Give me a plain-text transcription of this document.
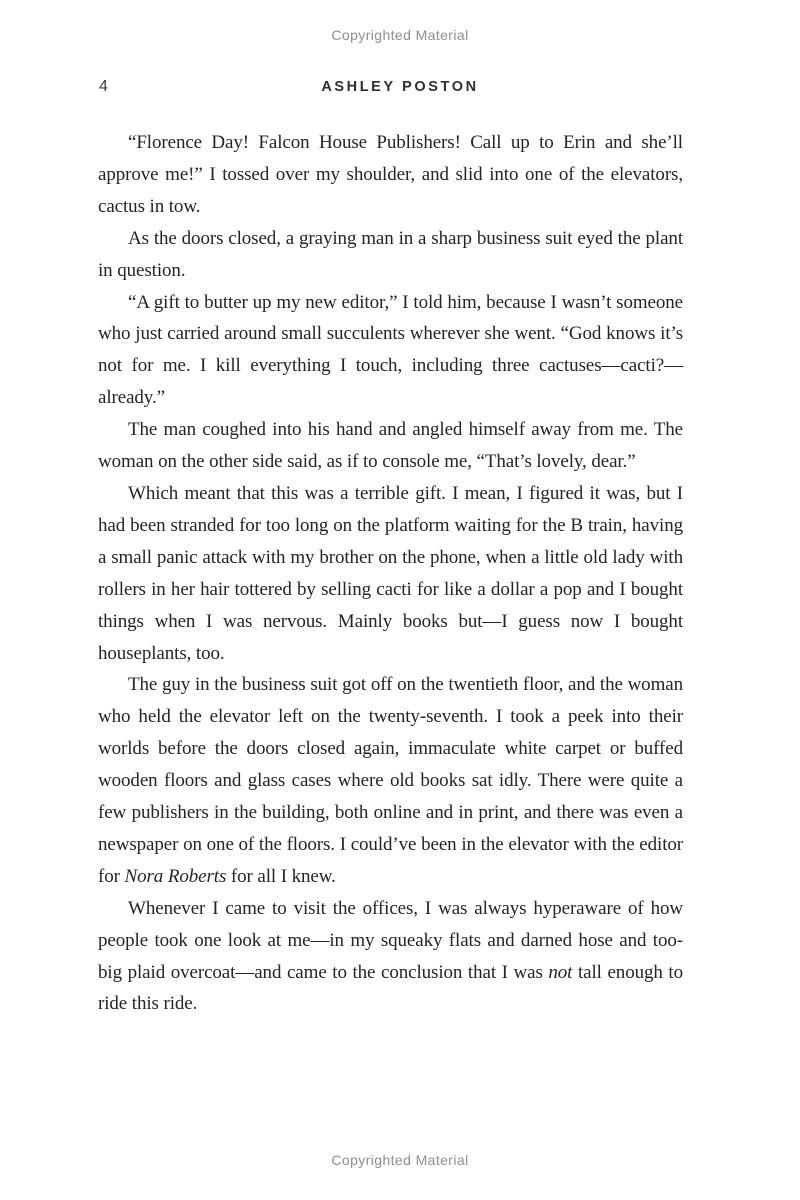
Copyrighted Material
4	ASHLEY POSTON

“Florence Day! Falcon House Publishers! Call up to Erin and she’ll approve me!” I tossed over my shoulder, and slid into one of the elevators, cactus in tow.

As the doors closed, a graying man in a sharp business suit eyed the plant in question.

“A gift to butter up my new editor,” I told him, because I wasn’t someone who just carried around small succulents wherever she went. “God knows it’s not for me. I kill everything I touch, including three cactuses—cacti?—already.”

The man coughed into his hand and angled himself away from me. The woman on the other side said, as if to console me, “That’s lovely, dear.”

Which meant that this was a terrible gift. I mean, I figured it was, but I had been stranded for too long on the platform waiting for the B train, having a small panic attack with my brother on the phone, when a little old lady with rollers in her hair tottered by selling cacti for like a dollar a pop and I bought things when I was nervous. Mainly books but—I guess now I bought houseplants, too.

The guy in the business suit got off on the twentieth floor, and the woman who held the elevator left on the twenty-seventh. I took a peek into their worlds before the doors closed again, immaculate white carpet or buffed wooden floors and glass cases where old books sat idly. There were quite a few publishers in the building, both online and in print, and there was even a newspaper on one of the floors. I could’ve been in the elevator with the editor for Nora Roberts for all I knew.

Whenever I came to visit the offices, I was always hyperaware of how people took one look at me—in my squeaky flats and darned hose and too-big plaid overcoat—and came to the conclusion that I was not tall enough to ride this ride.

Copyrighted Material
